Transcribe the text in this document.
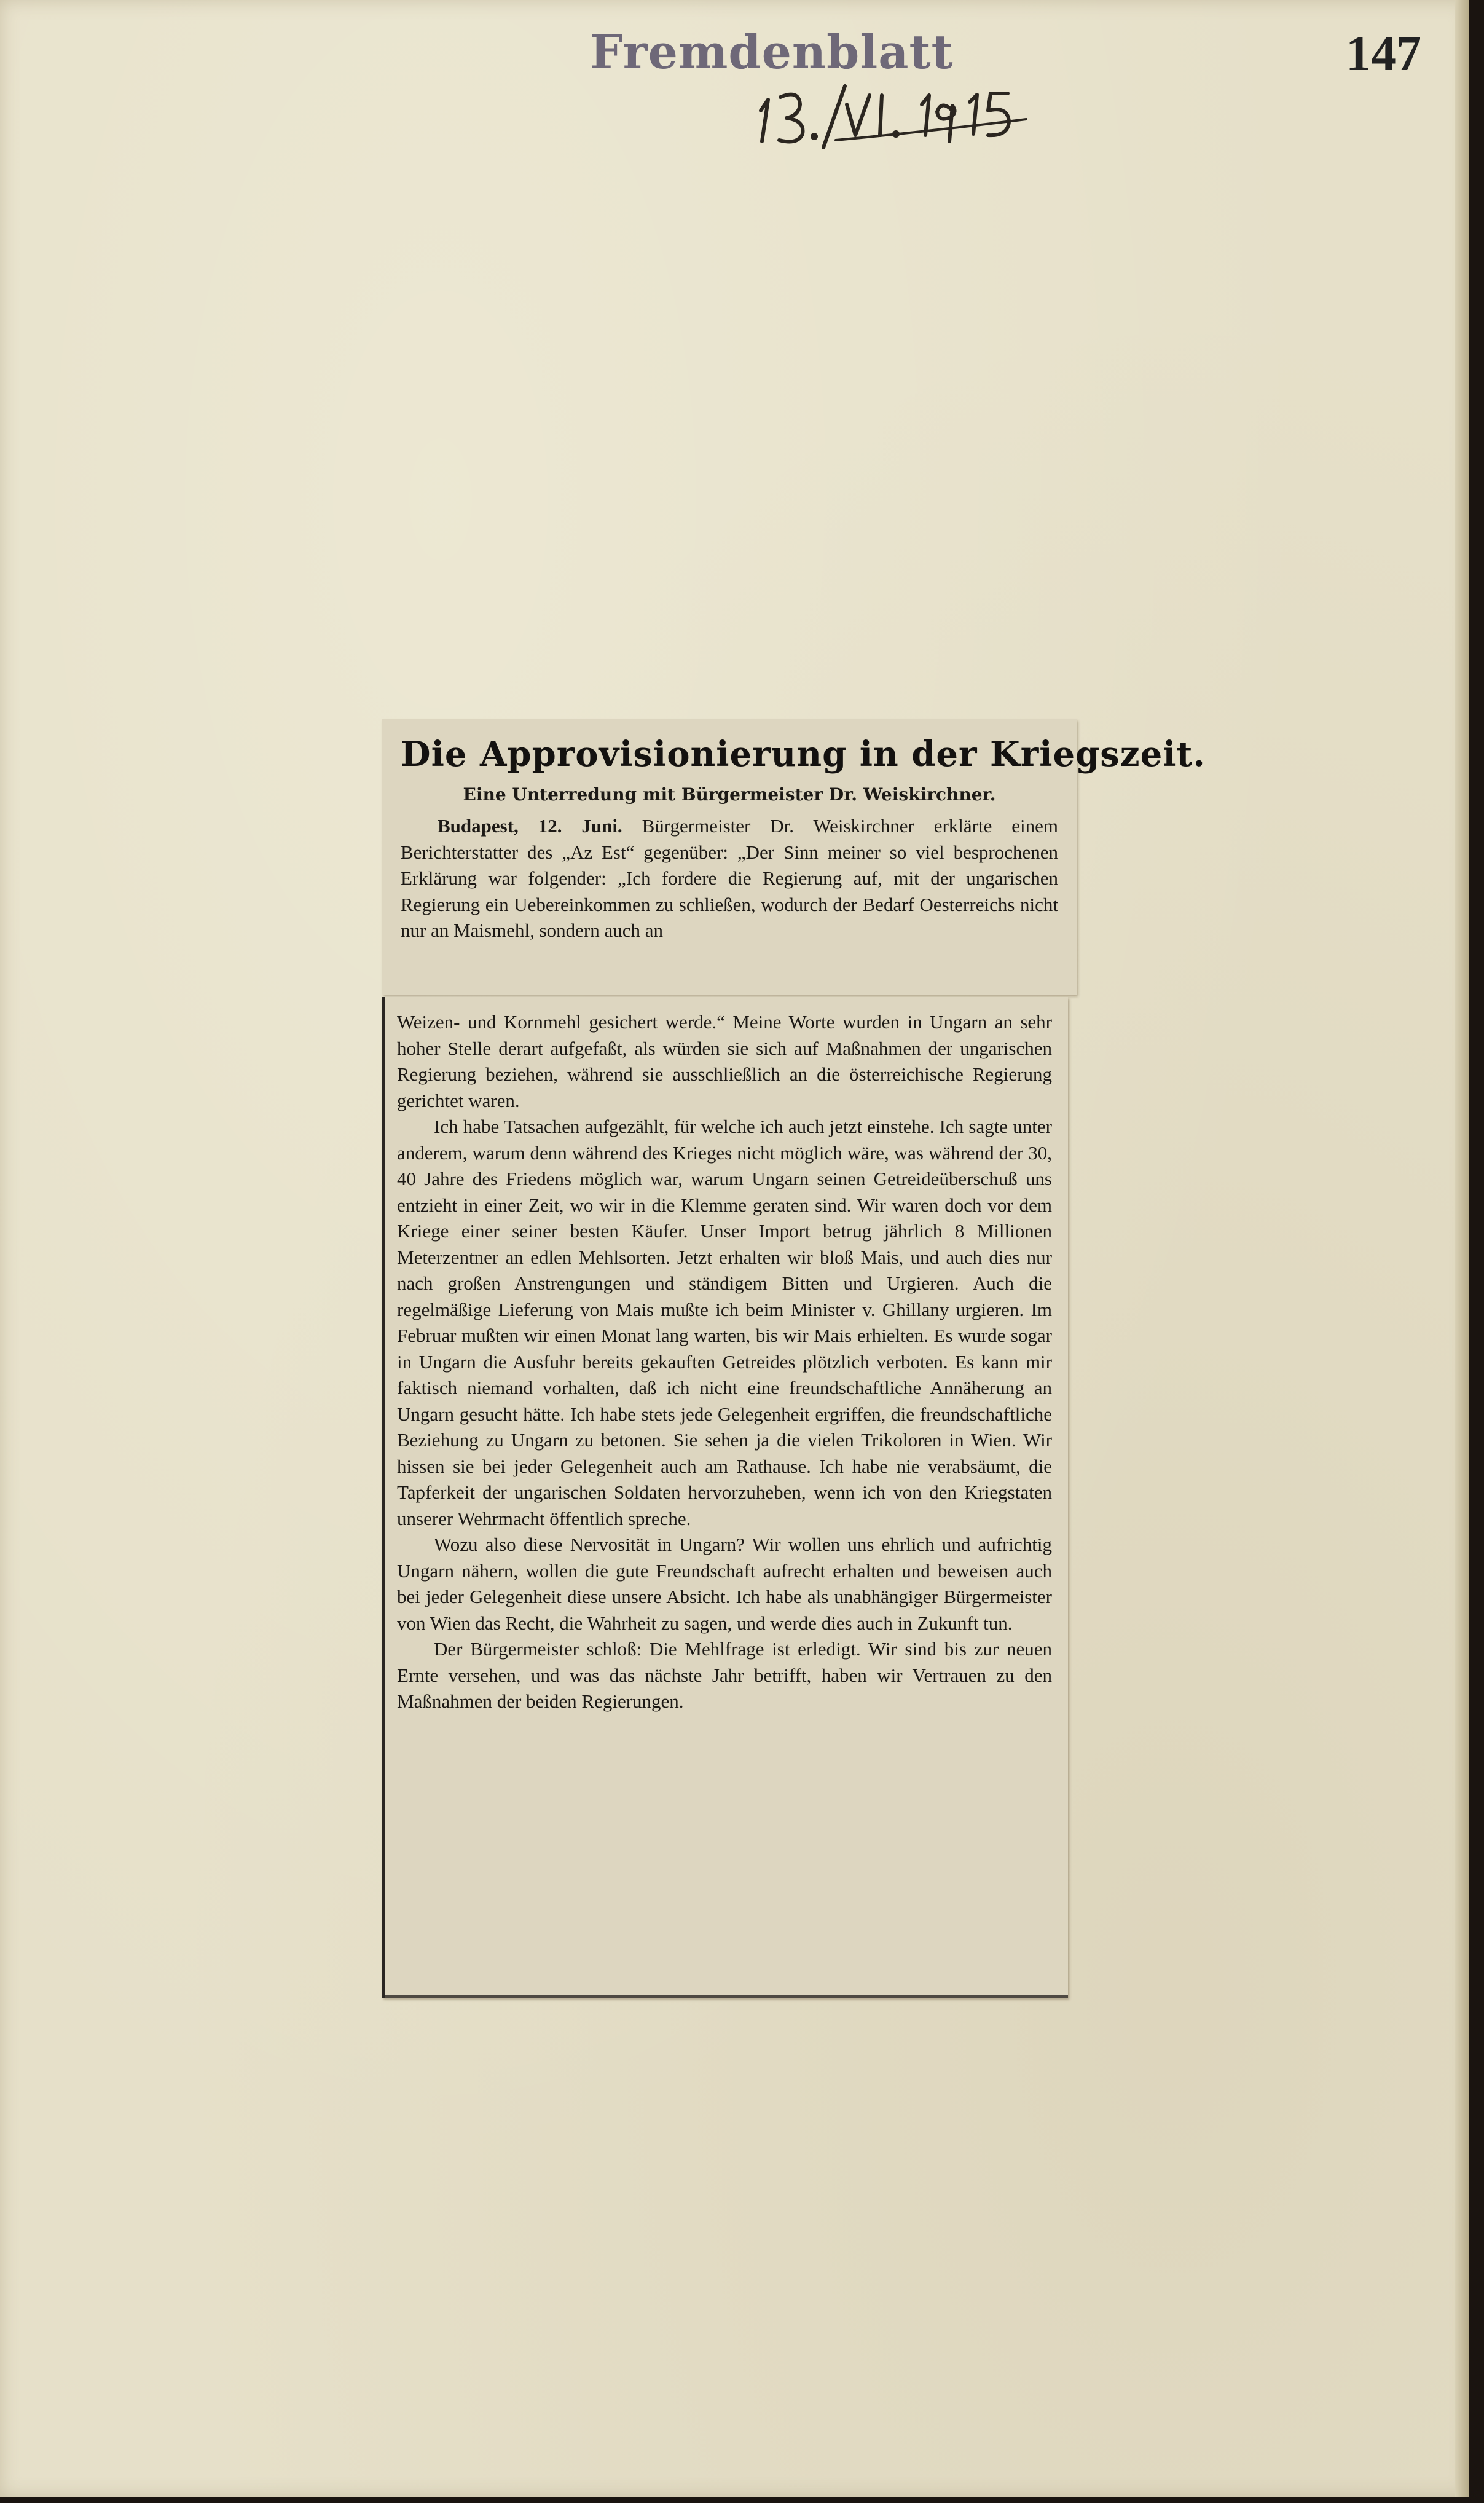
Fremdenblatt	147
Die Approvisionierung in der Kriegszeit.
Eine Unterredung mit Bürgermeister Dr. Weiskirchner.

Budapest, 12. Juni. Bürgermeister Dr. Weiskirchner erklärte einem Berichterstatter des „Az Est“ gegenüber: „Der Sinn meiner so viel besprochenen Erklärung war folgender: „Ich fordere die Regierung auf, mit der ungarischen Regierung ein Uebereinkommen zu schließen, wodurch der Bedarf Oesterreichs nicht nur an Maismehl, sondern auch an

Weizen- und Kornmehl gesichert werde.“ Meine Worte wurden in Ungarn an sehr hoher Stelle derart aufgefaßt, als würden sie sich auf Maßnahmen der ungarischen Regierung beziehen, während sie ausschließlich an die österreichische Regierung gerichtet waren.

Ich habe Tatsachen aufgezählt, für welche ich auch jetzt einstehe. Ich sagte unter anderem, warum denn während des Krieges nicht möglich wäre, was während der 30, 40 Jahre des Friedens möglich war, warum Ungarn seinen Getreideüberschuß uns entzieht in einer Zeit, wo wir in die Klemme geraten sind. Wir waren doch vor dem Kriege einer seiner besten Käufer. Unser Import betrug jährlich 8 Millionen Meterzentner an edlen Mehlsorten. Jetzt erhalten wir bloß Mais, und auch dies nur nach großen Anstrengungen und ständigem Bitten und Urgieren. Auch die regelmäßige Lieferung von Mais mußte ich beim Minister v. Ghillany urgieren. Im Februar mußten wir einen Monat lang warten, bis wir Mais erhielten. Es wurde sogar in Ungarn die Ausfuhr bereits gekauften Getreides plötzlich verboten. Es kann mir faktisch niemand vorhalten, daß ich nicht eine freundschaftliche Annäherung an Ungarn gesucht hätte. Ich habe stets jede Gelegenheit ergriffen, die freundschaftliche Beziehung zu Ungarn zu betonen. Sie sehen ja die vielen Trikoloren in Wien. Wir hissen sie bei jeder Gelegenheit auch am Rathause. Ich habe nie verabsäumt, die Tapferkeit der ungarischen Soldaten hervorzuheben, wenn ich von den Kriegstaten unserer Wehrmacht öffentlich spreche.

Wozu also diese Nervosität in Ungarn? Wir wollen uns ehrlich und aufrichtig Ungarn nähern, wollen die gute Freundschaft aufrecht erhalten und beweisen auch bei jeder Gelegenheit diese unsere Absicht. Ich habe als unabhängiger Bürgermeister von Wien das Recht, die Wahrheit zu sagen, und werde dies auch in Zukunft tun.

Der Bürgermeister schloß: Die Mehlfrage ist erledigt. Wir sind bis zur neuen Ernte versehen, und was das nächste Jahr betrifft, haben wir Vertrauen zu den Maßnahmen der beiden Regierungen.
